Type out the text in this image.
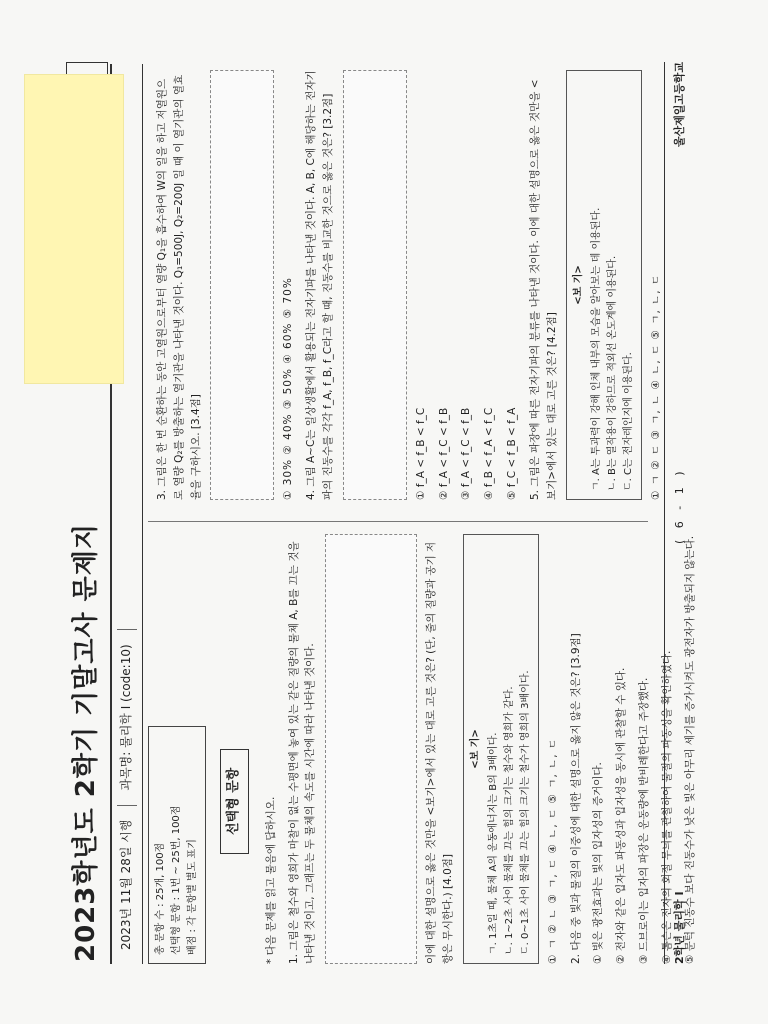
2023학년도 2학기 기말고사 문제지	2023년 11월 28일 시행
과목명: 물리학 I (code:10)
총 문항 수 : 25개, 100점 선택형 문항 : 1번 ~ 25번, 100점 배점 : 각 문항별 별도 표기
선택형 문항 * 다음 문제를 읽고 물음에 답하시오. 1. 그림은 철수와 영희가 마찰이 없는 수평면에 놓여 있는 같은 질량의 물체 A, B를 끄는 것을 나타낸 것이고, 그래프는 두 물체의 속도를 시간에 따라 나타낸 것이다.	이에 대한 설명으로 옳은 것만을 <보기>에서 있는 대로 고른 것은? (단, 줄의 질량과 공기 저항은 무시한다.) [4.0점]
<보 기> ㄱ. 1초일 때, 물체 A의 운동에너지는 B의 3배이다. ㄴ. 1~2초 사이 물체를 끄는 힘의 크기는 철수와 영희가 같다. ㄷ. 0~1초 사이 물체를 끄는 힘의 크기는 철수가 영희의 3배이다. ① ㄱ ② ㄴ ③ ㄱ, ㄷ ④ ㄴ, ㄷ ⑤ ㄱ, ㄴ, ㄷ 2. 다음 중 빛과 물질의 이중성에 대한 설명으로 옳지 않은 것은? [3.9점] ① 빛은 광전효과는 빛의 입자성의 증거이다. ② 전자와 같은 입자도 파동성과 입자성을 동시에 관찰할 수 있다. ③ 드브로이는 입자의 파장은 운동량에 반비례한다고 주장했다. ④ 톰슨은 전자의 회절 무늬를 관찰하여 물질의 파동성을 확인하였다. ⑤ 문턱 진동수 보다 진동수가 낮은 빛은 아무리 세기를 증가시켜도 광전자가 방출되지 않는다.
3. 그림은 한 번 순환하는 동안 고열원으로부터 열량 Q₁을 흡수하여 W의 일을 하고 저열원으로 열량 Q₂를 방출하는 열기관을 나타낸 것이다. Q₁=500J, Q₂=200J 일 때 이 열기관의 열효율을 구하시오. [3.4점]	① 30% ② 40% ③ 50% ④ 60% ⑤ 70% 4. 그림 A~C는 일상생활에서 활용되는 전자기파를 나타낸 것이다. A, B, C에 해당하는 전자기파의 진동수를 각각 f_A, f_B, f_C라고 할 때, 진동수를 비교한 것으로 옳은 것은? [3.2점]	① f_A < f_B < f_C ② f_A < f_C < f_B ③ f_A < f_C < f_B ④ f_B < f_A < f_C ⑤ f_C < f_B < f_A 5. 그림은 파장에 따른 전자기파의 분류를 나타낸 것이다. 이에 대한 설명으로 옳은 것만을 <보기>에서 있는 대로 고른 것은? [4.2점]
<보 기> ㄱ. A는 투과력이 강해 인체 내부의 모습을 알아보는 데 이용된다. ㄴ. B는 열작용이 강하므로 적외선 온도계에 이용된다. ㄷ. C는 전자레인지에 이용된다. ① ㄱ ② ㄷ ③ ㄱ, ㄴ ④ ㄴ, ㄷ ⑤ ㄱ, ㄴ, ㄷ
2학년 물리학 I
( 6 - 1 )
울산제일고등학교
